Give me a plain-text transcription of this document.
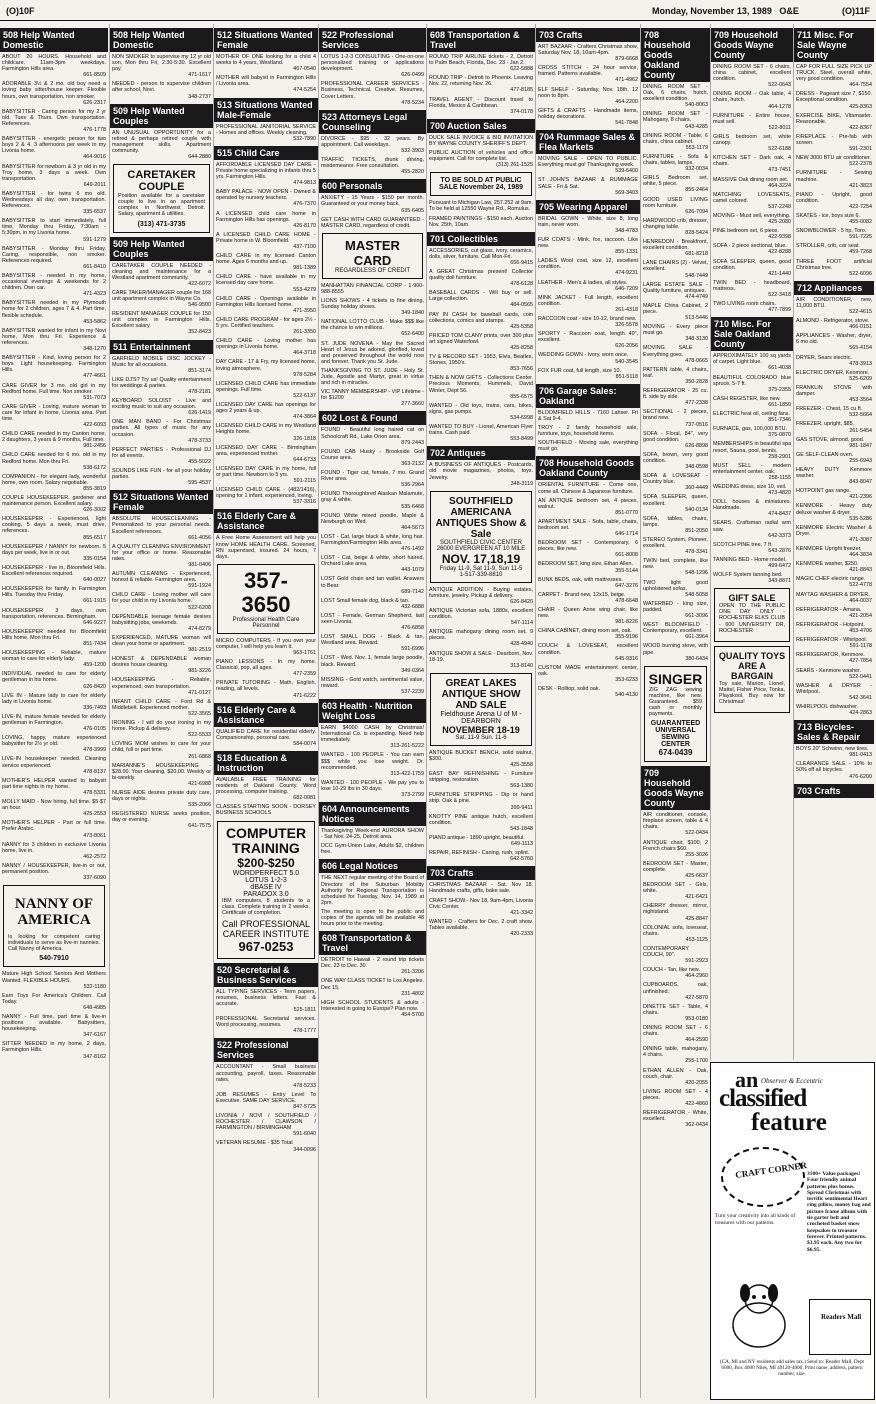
(O)10F	Monday, November 13, 1989 O&E	(O)11F
508 Help Wanted Domestic
ABOUT 20 HOURS. Household and childcare. 11am-3pm weekdays. Farmington Hills area.
661-8509
ADORABLE 3½ & 2 mo. old boy need a loving baby sitter/house keeper. Flexible hours, own transportation, non smoker.
626-2317
BABYSITTER - Caring person for my 2 yr old. Tues & Thurs. Own transportation. References.
476-1778
BABYSITTER - energetic person for two boys 2 & 4. 3 afternoons per week in my Livonia home.
464-9016
BABYSITTER for newborn & 3 yr old in my Troy home, 3 days a week. Own transportation.
649-2011
BABYSITTER - for twins 6 mo old. Wednesdays all day, own transportation. References.
335-6537
BABYSITTER to start immediately, full time, Monday thru Friday, 7:30am - 5:30pm, in my Livonia home.
591-1279
BABYSITTER - Monday thru Friday. Caring, responsible, non smoker. References required.
661-8410
BABYSITTER - needed in my home, occasional evenings & weekends for 2 children. Own car.
471-4323
BABYSITTER needed in my Plymouth home for 2 children, ages 7 & 4. Part time, flexible schedule.
453-5862
BABYSITTER wanted for infant in my Novi home, Mon thru Fri. Experience & references.
348-1270
BABYSITTER - Kind, loving person for 2 boys. Light housekeeping. Farmington Hills.
477-4661
CARE GIVER for 3 mo. old girl in my Redford home. Full time. Non smoker.
531-7073
CARE GIVER - Loving, mature woman to care for infant in home, Livonia area. Part time.
422-6093
CHILD CARE needed in my Canton home, 2 daughters, 3 years & 9 months, Full time.
981-2456
CHILD CARE needed for 6 mo. old in my Redford home. Mon thru Fri.
538-6172
COMPANION - for elegant lady, wonderful home, own room. Salary negotiable.
855-3819
COUPLE HOUSEKEEPER, gardener and maintenance person. Excellent salary.
626-3002
HOUSEKEEPER - Experienced, light cooking, 5 days a week, must drive, references.
855-6517
HOUSEKEEPER / NANNY for newborn. 5 days per week, live in or out.
335-0154
HOUSEKEEPER - live in, Bloomfield Hills. Excellent references required.
640-0027
HOUSEKEEPER for family in Farmington Hills. Tuesday thru Friday.
661-1915
HOUSEKEEPER 3 days, own transportation, references. Birmingham.
646-9227
HOUSEKEEPER needed for Bloomfield Hills home. Mon thru Fri.
851-7434
HOUSEKEEPING - Reliable, mature woman to care for elderly lady.
459-1200
INDIVIDUAL needed to care for elderly gentleman in his home.
626-8420
LIVE IN - Mature lady to care for elderly lady in Livonia home.
336-7493
LIVE-IN, mature female needed for elderly gentleman in Farmington.
476-0105
LOVING, happy, mature experienced babysitter for 2½ yr old.
478-3999
LIVE-IN housekeeper needed. Cleaning service experienced.
478-8137
MOTHER'S HELPER wanted to babysit part time nights in my home.
478-5331
MOLLY MAID - Now hiring, full time. $5-$7 an hour.
425-2553
MOTHER'S HELPER - Part or full time. Prefer Arabic.
473-8061
NANNY for 3 children in exclusive Livonia home, live in.
462-2572
NANNY / HOUSEKEEPER, live-in or out, permanent position.
337-6090
NANNY OF AMERICA
Is looking for competent caring individuals to serve as live-in nannies. Call Nanny of America.
540-7910
Mature High School Seniors And Mothers Wanted. FLEXIBLE HOURS.
532-1180
Earn Toys For America's Children. Call Today.
648-4985
NANNY - Full time, part time & live-in positions available. Babysitters, housekeeping.
347-6167
SITTER NEEDED in my home, 2 days, Farmington Hills.
347-8162
508 Help Wanted Domestic
NON SMOKER to supervise my 12 yr old son, Mon thru Fri, 2:30-5:30. Excellent pay.
471-1617
NEEDED - person to supervise children after school, Novi.
348-2737
509 Help Wanted Couples
AN UNUSUAL OPPORTUNITY for a retired & perhaps retired couple with management skills. Apartment community.
644-2880
CARETAKER COUPLE
Position available for a caretaker couple to live in an apartment complex in Northwest Detroit. Salary, apartment & utilities.
(313) 471-3735
509 Help Wanted Couples
CARETAKER COUPLE NEEDED - cleaning and maintenance for a Westland apartment community.
422-6072
CARE TAKER/MANAGER couple for 168 unit apartment complex in Wayne Co.
546-9500
RESIDENT MANAGER COUPLE for 150 unit complex in Farmington Hills. Excellent salary.
352-8423
511 Entertainment
GARFIELD MOBILE DISC JOCKEY - Music for all occasions.
851-3174
LIKE DJ'S? Try us! Quality entertainment for weddings & parties.
478-2181
KEYBOARD SOLOIST - Live and exciting music to suit any occasion.
626-1419
ONE MAN BAND - For Christmas parties. All types of music for any occasion.
478-3733
PERFECT PARTIES - Professional DJ for all events.
455-5022
SOUNDS LIKE FUN - for all your holiday parties.
595-4537
512 Situations Wanted Female
ABSOLUTE HOUSECLEANING - Personalized to your personal needs. Excellent references.
661-4056
A QUALITY CLEANING ENVIRONMENT for your office or home. Reasonable rates.
981-0406
AUTUMN CLEANING - Experienced, honest & reliable. Farmington area.
591-1924
CHILD CARE - Loving mother will care for your child in my Livonia home.
522-6208
DEPENDABLE teenage female desires babysitting jobs, weekends.
474-8279
EXPERIENCED, MATURE woman will clean your home or apartment.
981-2519
HONEST & DEPENDABLE woman desires house cleaning.
981-3226
HOUSEKEEPING - Reliable, experienced, own transportation.
471-0127
INFANT CHILD CARE - Ford Rd & Middlebelt. Experienced mother.
522-3565
IRONING - I will do your ironing in my home. Pickup & delivery.
522-5533
LOVING MOM wishes to care for your child, full or part time.
261-6868
MARIANNE'S HOUSEKEEPING - $28.00. Your cleaning, $20.00. Weekly or bi-weekly.
421-6988
NURSE AIDE desires private duty care, days or nights.
535-2066
REGISTERED NURSE seeks position, day or evening.
641-7575
512 Situations Wanted Female
MOTHER OF ONE looking for a child 4 weeks to 4 years, Westland.
467-0540
MOTHER will babysit in Farmington Hills / Livonia area.
474-5254
513 Situations Wanted Male-Female
PROFESSIONAL JANITORIAL SERVICE - Homes and offices. Weekly cleaning.
532-7890
515 Child Care
AFFORDABLE LICENSED DAY CARE - Private home specializing in infants thru 5 yrs. Farmington Hills.
474-9813
BABY PALACE - NOW OPEN - Owned & operated by nursery teachers.
476-7370
A LICENSED child care home in Farmington Hills has openings.
426-8170
A LICENSED CHILD CARE HOME - Private home in W. Bloomfield.
437-7100
CHILD CARE in my licensed Canton home. Ages 6 months and up.
981-1389
CHILD CARE - have available in my licensed day care home.
553-4279
CHILD CARE - Openings available in Farmington Hills licensed home.
471-3950
CHILD CARE PROGRAM - for ages 2½ - 5 yrs. Certified teachers.
261-3350
CHILD CARE - Loving mother has openings in Livonia home.
464-3718
DAY CARE - 17 & Fry, my licensed home, loving atmosphere.
978-5284
LICENSED CHILD CARE has immediate openings. Full time.
522-6137
LICENSED DAY CARE has openings for ages 2 years & up.
474-3864
LICENSED CHILD CARE in my Westland Heights home.
326-1818
LICENSED DAY CARE - Birmingham area, experienced mother.
644-6733
LICENSED DAY CARE in my home, full or part time. Newborn to 5 yrs.
591-2115
LICENSED CHILD CARE - (482/1416), opening for 1 infant, experienced, loving.
537-3316
516 Elderly Care & Assistance
A Free Home Assessment will help you know HOME HEALTH CARE. Screened, RN supervised, insured. 24 hours, 7 days.
357-3650
Professional Health Care Personnel
MICRO COMPUTERS - If you own your computer, I will help you learn it.
963-1761
PIANO LESSONS - In my home. Classical, pop, all ages.
477-2359
PRIVATE TUTORING - Math, English, reading, all levels.
471-6222
516 Elderly Care & Assistance
QUALIFIED CARE for residential elderly. Companionship, personal care.
584-0074
518 Education & Instruction
AVAILABLE FREE TRAINING for residents of Oakland County. Word processing, computer training.
682-0081
CLASSES STARTING SOON - DORSEY BUSINESS SCHOOLS
COMPUTER TRAINING
$200-$250
WORDPERFECT 5.0
LOTUS 1-2-3
dBASE IV
PARADOX 3.0
IBM computers. 8 students to a class. Complete training in 2 weeks. Certificate of completion.
Call PROFESSIONAL CAREER INSTITUTE
967-0253
520 Secretarial & Business Services
ALL TYPING SERVICES - Term papers, resumes, business letters. Fast & accurate.
525-1811
PROFESSIONAL Secretarial services. Word processing, resumes.
478-1777
522 Professional Services
ACCOUNTANT - Small business accounting, payroll, taxes. Reasonable rates.
478-5233
JOB RESUMES - Entry Level To Executive. SAME DAY SERVICE.
847-5725
LIVONIA / NOVI / SOUTHFIELD / ROCHESTER / CLAWSON / FARMINGTON / BIRMINGHAM
591-6040
VETERAN RESUME - $35 Total
344-0096
522 Professional Services
LOTUS 1-2-3 CONSULTING - One-on-one personalized training or applications development.
626-0499
PROFESSIONAL CAREER SERVICES - Business, Technical, Creative. Resumes, Cover Letters.
478-5234
523 Attorneys Legal Counseling
DIVORCE - $95 - 32 years. By appointment. Call weekdays.
532-3903
TRAFFIC TICKETS, drunk driving, misdemeanor. Free consultation.
455-2820
600 Personals
ANXIETY - 15 Years - $150 per month. Guaranteed or your money back.
635-6405
GET CASH WITH CARD GUARANTEED - MASTER CARD, regardless of credit.
MASTER CARD
REGARDLESS OF CREDIT
MANHATTAN FINANCIAL CORP - 1-900-988-8555
LIONS SHOWS - 4 tickets to fine dining, Sunday holiday shows.
349-1840
NATIONAL LOTTO CLUB - Make $$$ like the chance to win millions.
652-6400
ST. JUDE NOVENA - May the Sacred Heart of Jesus be adored, glorified, loved and preserved throughout the world now and forever. Thank you St. Jude.
THANKSGIVING TO ST. JUDE - Holy St. Jude, Apostle and Martyr, great in virtue and rich in miracles.
VIC TANNY MEMBERSHIP - VIP Lifetime - for $1200
277-3660
602 Lost & Found
FOUND - Beautiful long haired cat on Schoolcraft Rd., Lake Orion area.
879-2443
FOUND CAB Husky - Brookside Golf Course area.
363-2132
FOUND - Tiger cat, female, 7 mo. Grand River area.
536-2964
FOUND Thoroughbred Alaskan Malamute, gray & white.
535-6468
FOUND White mixed poodle, Maple & Newburgh on Wed.
464-5673
LOST - Cat, large black & white, long hair. Farmington/Farmington Hills area.
476-1492
LOST - Cat, beige & white, short haired, Orchard Lake area.
443-1079
LOST Gold chain and tan wallet. Answers to Bear.
689-7142
LOST Small female dog, black & tan.
432-6888
LOST - Female, German Shepherd, last seen Livonia.
476-6858
LOST SMALL DOG - Black & tan, Westland area. Reward.
591-6996
LOST - Wed. Nov. 1, female large poodle, black. Reward.
349-0364
MISSING - Gold watch, sentimental value, reward.
537-2239
603 Health - Nutrition Weight Loss
EARN $4000 CASH by Christmas! International Co. is expanding. Need help immediately.
313-261-5222
WANTED - 100 PEOPLE - You can earn $$$ while you lose weight. Dr. recommended.
313-422-1759
WANTED - 100 PEOPLE - We pay you to lose 10-29 lbs in 30 days.
373-2799
604 Announcements Notices
Thanksgiving Week-end AURORA SHOW - Sat Nov. 24-25, Detroit area.
DCC Gym-Union Lake, Adults $2, children free.
606 Legal Notices
THE NEXT regular meeting of the Board of Directors of the Suburban Mobility Authority for Regional Transportation is scheduled for Tuesday, Nov. 14, 1989 at 2pm.
The meeting is open to the public and copies of the agenda will be available 48 hours prior to the meeting.
608 Transportation & Travel
DETROIT to Hawaii - 2 round trip tickets Dec. 23 to Dec. 30.
261-3206
ONE WAY CLASS TICKET to Los Angeles. Dec 15.
231-4802
HIGH SCHOOL STUDENTS & adults - Interested in going to Europe? Plan now.
454-5700
608 Transportation & Travel
ROUND TRIP AIRLINE tickets - 2, Detroit to Palm Beach, Florida, Dec. 23 - Jan 2.
622-5888
ROUND TRIP - Detroit to Phoenix. Leaving Nov. 22, returning Nov. 26.
477-8185
TRAVEL AGENT - Discount travel to Florida, Mexico & Caribbean.
374-0178
700 Auction Sales
DUCK SALE INVOICE & BID INVITATION BY WAYNE COUNTY SHERIFF'S DEPT.
PUBLIC AUCTION of vehicles and office equipment. Call for complete list.
(313) 261-1525
TO BE SOLD AT PUBLIC SALE November 24, 1989
Pursuant to Michigan Law, 257.252 at 9am. To be held at 12550 Wayne Rd., Romulus.
FRAMED PAINTINGS - $150 each. Auction Nov. 25th, 10am.
701 Collectibles
ACCESSORIES, cut glass, ivory, ceramics, dolls, silver, furniture. Call Mon-Fri.
656-9415
A GREAT Christmas present! Collector quality doll furniture.
478-6128
BASEBALL CARDS - Will buy or sell. Large collection.
484-0565
PAY IN CASH for baseball cards, coin collections, comics and stamps.
425-5358
PRICED TOM CLANY prints, over 300 plus art signed Waterfowl.
425-8258
TV & RECORD SET - 1953, Elvis, Beatles, Stones, 1950's.
853-7656
THEN & NOW GIFTS - Collections Center. Precious Moments, Hummels, David Winter, Dept 56.
855-6575
WANTED - Old toys, trains, cars, bikes, signs, gas pumps.
534-6998
WANTED TO BUY - Lionel, American Flyer trains. Cash paid.
553-8499
702 Antiques
A BUSINESS OF ANTIQUES - Postcards, old movie magazines, photos, toys. Jewelry.
348-3119
SOUTHFIELD AMERICANA ANTIQUES Show & Sale
SOUTHFIELD CIVIC CENTER 26000 EVERGREEN AT 10 MILE
NOV. 17,18,19
Friday 11-9, Sat 11-9, Sun 11-5
1-517-339-8810
ANTIQUE ADDITION - Buying estates, furniture, jewelry. Pickup & delivery.
626-8420
ANTIQUE Victorian sofa, 1880s, excellent condition.
547-1114
ANTIQUE mahogany dining room set, 9 pieces.
428-4940
ANTIQUE SHOW & SALE - Dearborn, Nov. 18-19.
313-8140
GREAT LAKES ANTIQUE SHOW AND SALE
Fieldhouse Arena U of M - DEARBORN
NOVEMBER 18-19
Sat. 11-9 Sun. 11-6
ANTIQUE BUCKET BENCH, solid walnut, $300.
425-3558
EAST BAY REFINISHING - Furniture stripping, restoration.
563-1380
FURNITURE STRIPPING - Dip or hand strip. Oak & pine.
399-9411
KNOTTY PINE antique hutch, excellent condition.
543-1848
PIANO antique - 1890 upright, beautiful.
649-1113
REPAIR, REFINISH - Caning, rush, splint.
642-5760
703 Crafts
CHRISTMAS BAZAAR - Sat. Nov 18. Handmade crafts, gifts, bake sale.
CRAFT SHOW - Nov 18, 9am-4pm, Livonia Civic Center.
421-3342
WANTED - Crafters for Dec. 2 craft show. Tables available.
420-2333
703 Crafts
ART BAZAAR - Crafters Christmas show, Saturday Nov. 18, 10am-4pm.
879-6668
CROSS STITCH - 24 hour service, framed. Patterns available.
471-4962
ELF SHELF - Saturday, Nov. 18th, 12 noon to 8pm.
464-2200
GIFTS & CRAFTS - Handmade items, holiday decorations.
541-7848
704 Rummage Sales & Flea Markets
MOVING SALE - OPEN TO PUBLIC. Everything must go! Thanksgiving week.
539-6400
ST JOHN'S BAZAAR & RUMMAGE SALE - Fri & Sat.
569-3403
705 Wearing Apparel
BRIDAL GOWN - White, size 8, long train, never worn.
348-4783
FUR COATS - Mink, fox, raccoon. Like new.
855-1331
LADIES Wool coat, size 12, excellent condition.
474-9231
LEATHER - Men's & ladies, all styles.
646-7209
MINK JACKET - Full length, excellent condition.
261-4318
RACCOON coat - size 10-12, brand new.
326-5578
SPORTY - Raccoon coat, length 40", excellent.
626-2056
WEDDING GOWN - Ivory, worn once.
540-3545
FOX FUR coat, full length, size 10.
851-5118
706 Garage Sales: Oakland
BLOOMFIELD HILLS - 7160 Lahser. Fri & Sat 9-4.
TROY - 2 family household sale, furniture, toys, household items.
SOUTHFIELD - Moving sale, everything must go.
708 Household Goods Oakland County
ORIENTAL FURNITURE - Come one, come all. Chinese & Japanese furniture.
AN ANTIQUE bedroom set, 4 pieces, walnut.
851-0770
APARTMENT SALE - Sofa, table, chairs, bedroom set.
646-1714
BEDROOM SET - Contemporary, 6 pieces, like new.
661-8008
BEDROOM SET, king size, Ethan Allen.
355-5144
BUNK BEDS, oak, with mattresses.
647-3276
CARPET - Brand new, 12x15, beige.
478-6648
CHAIR - Queen Anne wing chair, like new.
981-8226
CHINA CABINET, dining room set, oak.
355-9196
COUCH & LOVESEAT, excellent condition.
645-9316
CUSTOM MADE entertainment center, oak.
353-6233
DESK - Rolltop, solid oak.
540-4130
708 Household Goods Oakland County
DINING ROOM SET - Oak, 6 chairs, hutch, excellent condition.
540-8063
DINING ROOM SET - Mahogany, 8 chairs.
643-4285
DINING ROOM - Table, 6 chairs, china cabinet.
553-1179
FURNITURE - Sofa & chairs, tables, lamps.
932-0034
GIRLS Bedroom set, white, 5 piece.
855-2464
GOOD USED LIVING room furniture.
626-7094
HARDWOOD crib, dresser, changing table.
828-5424
HENREDON - Breakfront, excellent condition.
681-8218
LANE CHAIRS (2) - Velvet, excellent.
548-7449
LARGE ESTATE SALE - Quality furniture, antiques.
474-4749
MAPLE China Cabinet, 2 piece.
513-5446
MOVING - Every piece must go.
348-3130
MOVING SALE - Everything goes.
478-0665
PATTERN table, 4 chairs, leaf.
350-2828
REFRIGERATOR - 25 cu. ft. side by side.
477-2338
SECTIONAL - 2 pieces, brand new.
737-0516
SOFA - Floral, 84", very good condition.
626-8898
SOFA, brown, very good condition.
348-0598
SOFA & LOVESEAT - Country blue.
360-4449
SOFA SLEEPER, queen, excellent.
540-0134
SOFA, tables, chairs, lamps.
851-2050
STEREO System, Pioneer, excellent.
478-3341
TWIN bed, complete, like new.
548-1296
TWO light good upholstered sofas.
548-5058
WATERBED - king size, padded.
661-3096
WEST BLOOMFIELD - Contemporary, excellent.
661-3964
WOOD burning stove, with pipe.
380-6434
SINGER
ZIG ZAG sewing machine, like new. Guaranteed. $59 cash or monthly payments.
GUARANTEED UNIVERSAL SEWING CENTER
674-0439
709 Household Goods Wayne County
AIR conditioner, console, fireplace screen, table & 4 chairs.
522-0434
ANTIQUE chair, $100, 2 French chairs $60.
255-3026
BEDROOM SET - Master, complete.
425-6637
BEDROOM SET - Girls, white.
421-6421
CHERRY dresser, mirror, nightstand.
425-8847
COLONIAL sofa, loveseat, chairs.
453-1125
CONTEMPORARY COUCH, 90".
591-2923
COUCH - Tan, like new.
464-2960
CUPBOARDS, oak, unfinished.
427-5870
DINETTE SET - Table, 4 chairs.
953-0180
DINING ROOM SET - 6 chairs.
464-2590
DINING table, mahogany, 4 chairs.
255-1700
ETHAN ALLEN - Oak, couch, chair.
420-2055
LIVING ROOM SET - 4 pieces.
422-4860
REFRIGERATOR - White, excellent.
362-0434
709 Household Goods Wayne County
DINING ROOM SET - 6 chairs, china cabinet, excellent condition.
522-0643
DINING ROOM - Oak table, 4 chairs, hutch.
464-1278
FURNITURE - Entire house, must sell.
522-8011
GIRLS bedroom set, white canopy.
522-6188
KITCHEN SET - Dark oak, 4 chairs.
473-7451
MASSIVE Oak dining room set.
464-3224
MATCHING LOVESEATS, camel colored.
537-2248
MOVING - Must sell, everything.
425-2080
PINE bedroom set, 6 piece.
422-9398
SOFA - 2 piece sectional, blue.
422-8288
SOFA SLEEPER, queen, good condition.
421-1440
TWIN BED - headboard, mattress.
522-3418
TWO LIVING room chairs.
477-7899
710 Misc. For Sale Oakland County
APPROXIMATELY 100 sq yards of carpet. Light blue.
661-4038
BEAUTIFUL COLORADO blue spruce, 5-7 ft.
375-2355
CASH REGISTER, like new.
661-1850
ELECTRIC heat oil, ceiling fans.
851-7346
FURNACE, gas, 100,000 BTU.
375-0870
MEMBERSHIPS in beautiful spa resort, Sauna, pool, tennis.
258-2901
MUST SELL - modern entertainment center, oak.
258-1155
WEDDING dress, size 10, veil.
473-4820
DOLL houses & miniatures. Handmade.
474-8437
SEARS, Craftsman radial arm saw.
642-3373
SCOTCH PINE tree, 7 ft.
543-2876
TANNING BED - Home model.
499-6472
WOLFF System tanning bed.
343-8871
GIFT SALE
OPEN TO THE PUBLIC ONE DAY ONLY - ROCHESTER ELKS CLUB - 600 UNIVERSITY DR, ROCHESTER
QUALITY TOYS ARE A BARGAIN
Toy sale, Marion, Lionel, Mattel, Fisher Price, Tonka, Playskool. Buy now for Christmas!
711 Misc. For Sale Wayne County
CAP FOR FULL SIZE PICK UP TRUCK. Steel, overall white, very good condition.
464-7554
DRESS - Pageant size 7, $150. Exceptional condition.
425-8363
EXERCISE BIKE, Vitamaster. Reasonable.
422-8367
FIREPLACE - Pre-fab with screen.
591-2301
NEW 3000 BTU air conditioner.
522-2378
FURNITURE - Sewing machine.
421-3823
PIANO - Upright, good condition.
422-7254
SKATES - ice, boys size 6.
455-0082
SNOWBLOWER - 5 hp, Toro.
591-7225
STROLLER, crib, car seat.
459-7268
THREE FOOT artificial Christmas tree.
522-6096
712 Appliances
AIR CONDITIONER, new, 11,000 BTU.
522-4615
ALMOND - Refrigerator, stove.
466-0151
APPLIANCES - Washer, dryer, 6 mo old.
565-4154
DRYER, Sears electric.
478-3913
ELECTRIC DRYER, Kenmore.
525-6209
FRANKLIN STOVE with damper.
453-3564
FREEZER - Chest, 15 cu ft.
532-5664
FREEZER, upright, $85.
261-5454
GAS STOVE, almond, good.
981-1847
GE SELF-CLEAN oven.
255-6943
HEAVY DUTY Kenmore washer.
843-8047
HOTPOINT gas range.
421-2396
KENMORE - Heavy duty deluxe washer & dryer.
535-5286
KENMORE Electric Washer & Dryer.
471-3087
KENMORE Upright freezer.
464-3834
KENMORE washer, $250.
421-8843
MAGIC CHEF electric range.
522-4778
MAYTAG WASHER & DRYER.
464-0037
REFRIGERATOR - Amana.
421-2054
REFRIGERATOR - Hotpoint.
453-4706
REFRIGERATOR - Whirlpool.
591-1178
REFRIGERATOR, Kenmore.
427-7854
SEARS - Kenmore washer.
522-0441
WASHER & DRYER - Whirlpool.
542-3641
WHIRLPOOL dishwasher.
424-2863
713 Bicycles-Sales & Repair
BOYS 20" Schwinn, new tires.
981-0413
CLEARANCE SALE - 10% to 50% off all bicycles.
476-6200
703 Crafts
an Observer & Eccentric
classified
feature
CRAFT CORNER
Turn your creativity into all kinds of treasures with our patterns.
3100+ Value packages! Four friendly animal patterns plus bonus. Spread Christmas with terrific sentimental Heart ring pillow, money bag and picture frame album with tie garter belt and crocheted basket snow keepsakes to treasure forever. Printed patterns. $3.95 each. Any two for $6.95.
Readers Mall
(CA, MI and NY residents add sales tax.) Send to: Reader Mall, Dept 6000, Box 4000 Niles, MI 49120-4000. Print name, address, pattern number, size.
